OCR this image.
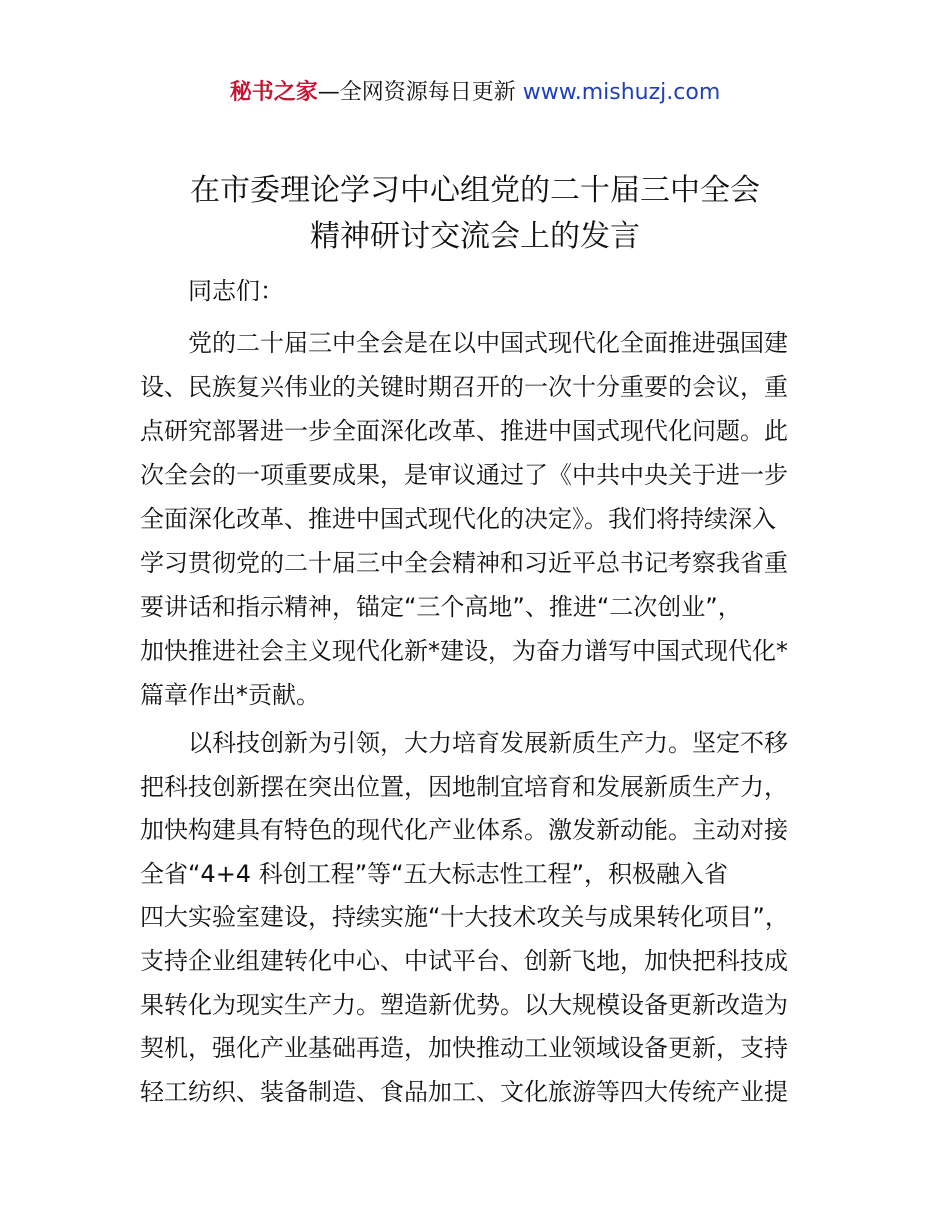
秘书之家—全网资源每日更新 www.mishuzj.com
在市委理论学习中心组党的二十届三中全会
精神研讨交流会上的发言
同志们：
党的二十届三中全会是在以中国式现代化全面推进强国建
设、民族复兴伟业的关键时期召开的一次十分重要的会议，重
点研究部署进一步全面深化改革、推进中国式现代化问题。此
次全会的一项重要成果，是审议通过了《中共中央关于进一步
全面深化改革、推进中国式现代化的决定》。我们将持续深入
学习贯彻党的二十届三中全会精神和习近平总书记考察我省重
要讲话和指示精神，锚定“三个高地”、推进“二次创业”，
加快推进社会主义现代化新*建设，为奋力谱写中国式现代化*
篇章作出*贡献。
以科技创新为引领，大力培育发展新质生产力。坚定不移
把科技创新摆在突出位置，因地制宜培育和发展新质生产力，
加快构建具有特色的现代化产业体系。激发新动能。主动对接
全省“4+4 科创工程”等“五大标志性工程”，积极融入省
四大实验室建设，持续实施“十大技术攻关与成果转化项目”，
支持企业组建转化中心、中试平台、创新飞地，加快把科技成
果转化为现实生产力。塑造新优势。以大规模设备更新改造为
契机，强化产业基础再造，加快推动工业领域设备更新，支持
轻工纺织、装备制造、食品加工、文化旅游等四大传统产业提
